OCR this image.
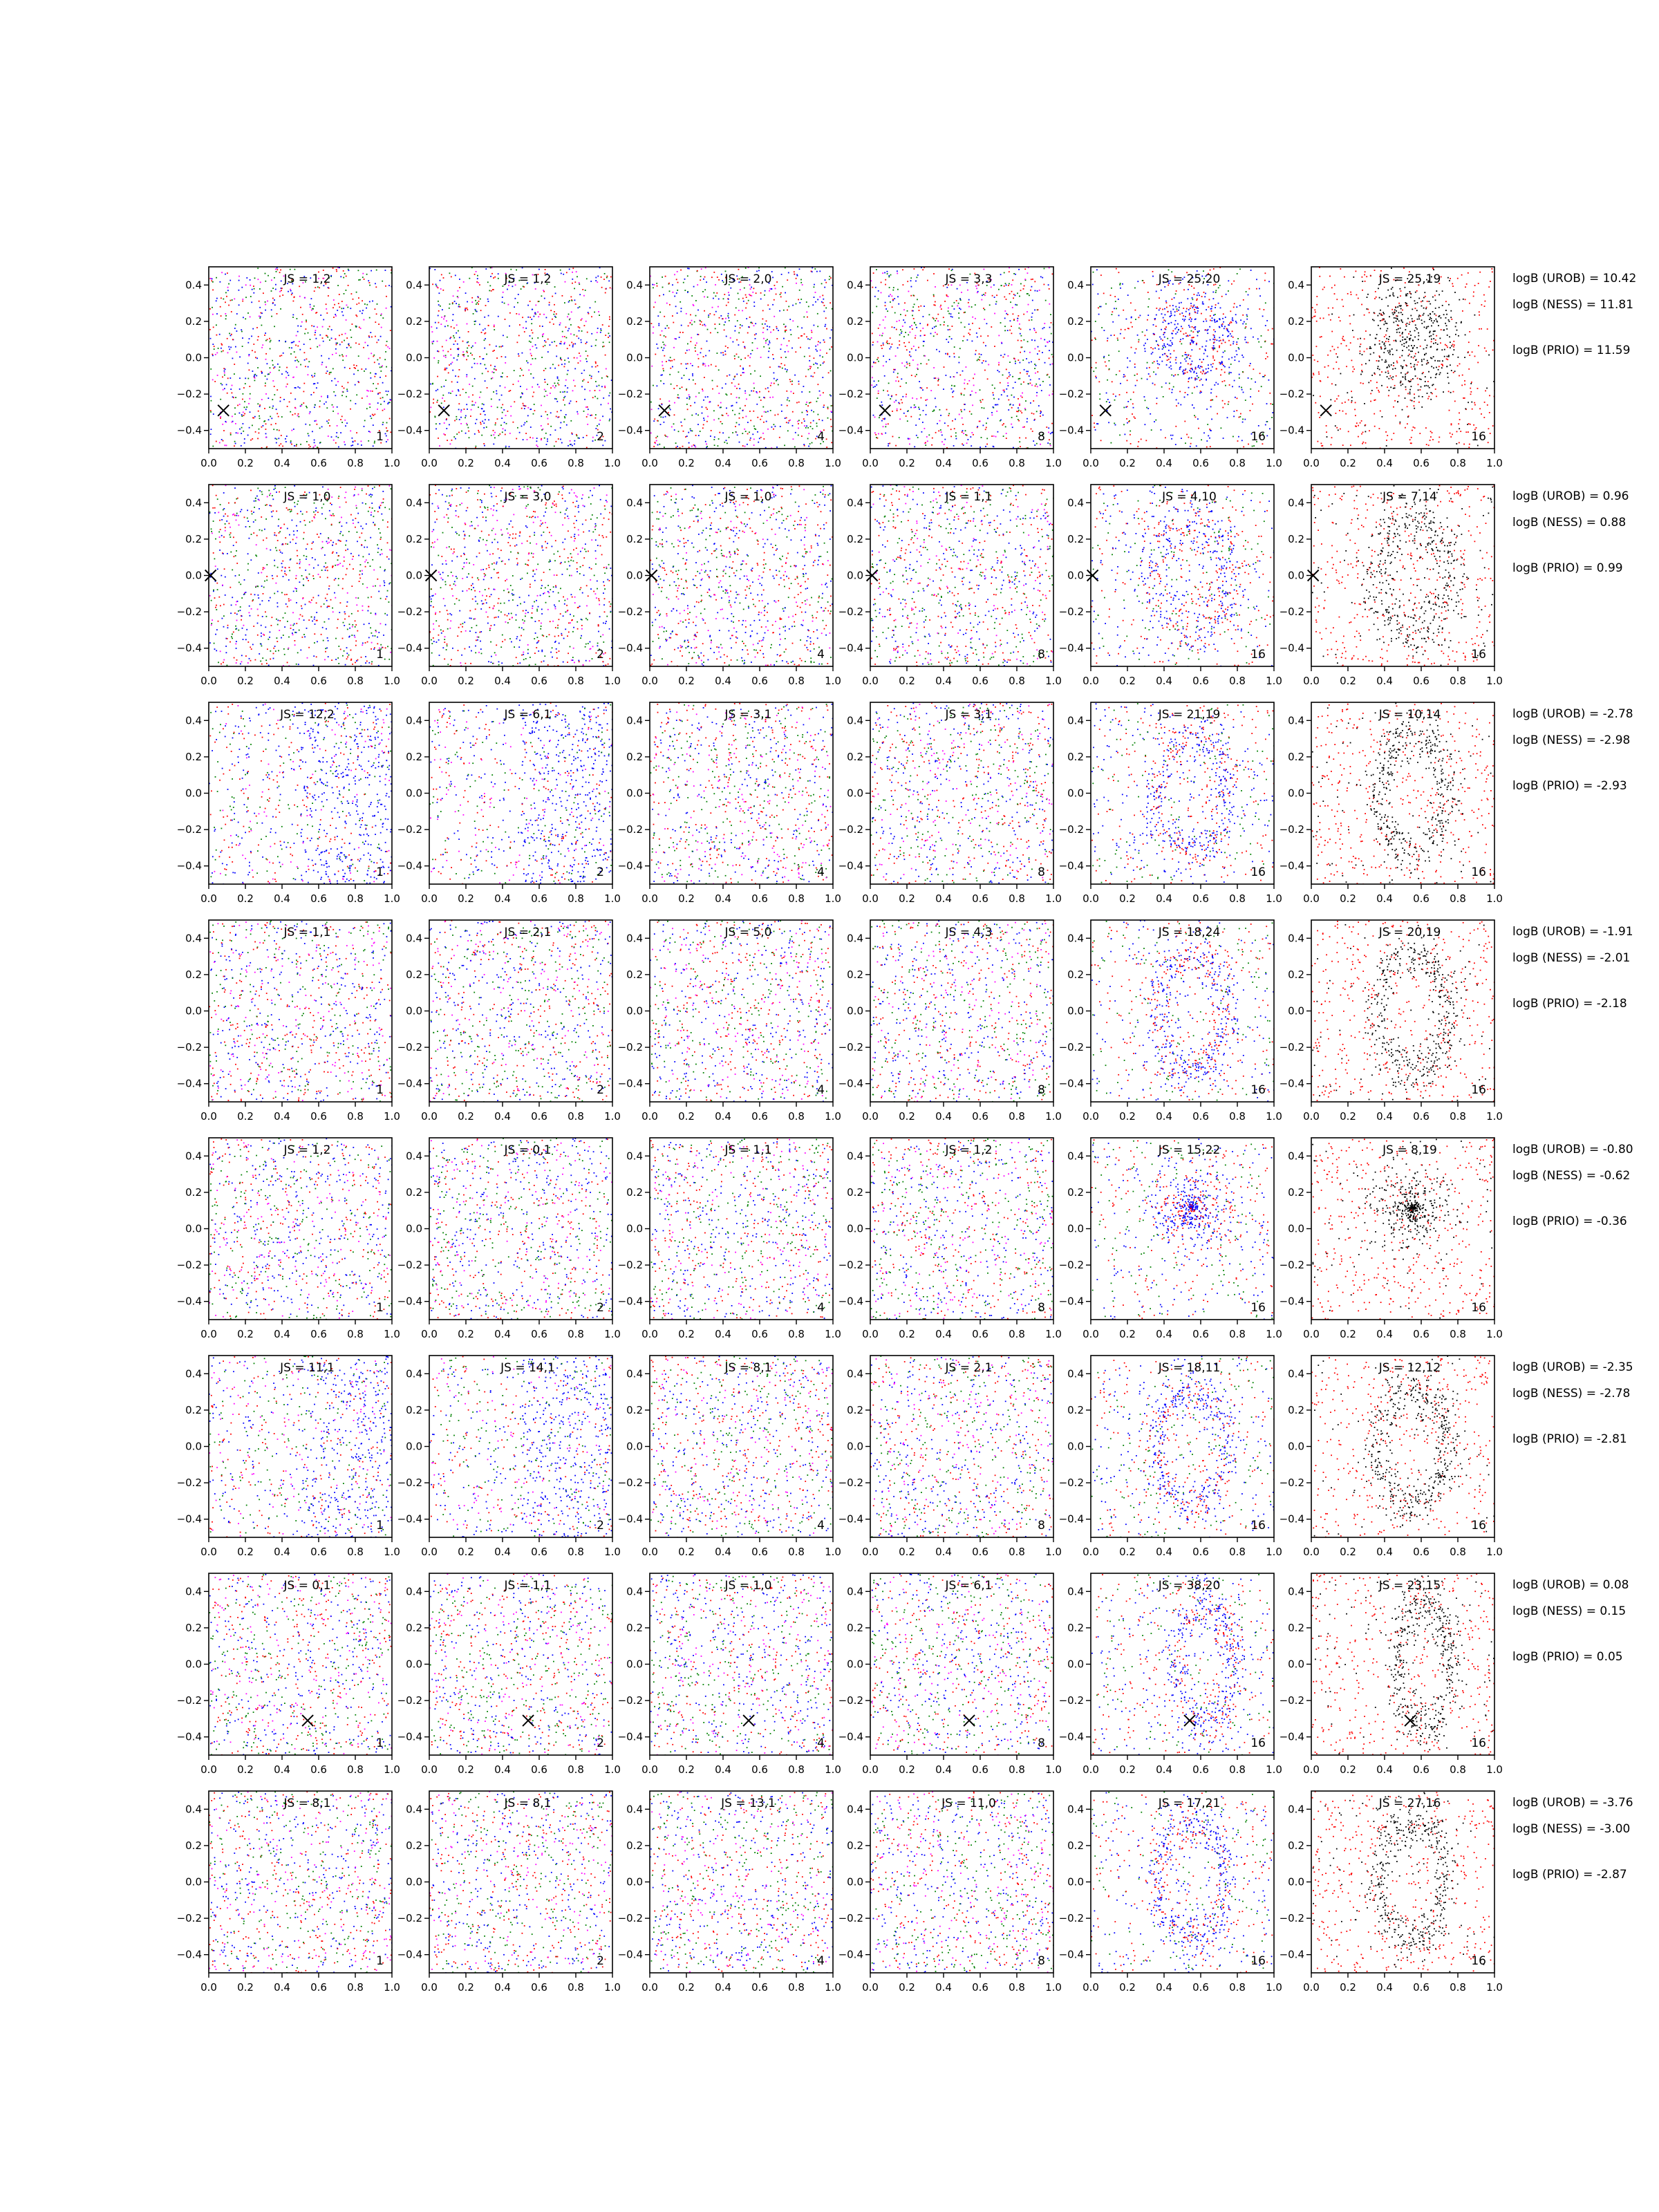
0.0 0.2 0.4 0.6 0.8 1.0
0.4
0.2
0.0
−0.2
−0.4
JS = 1,2
1
0.0 0.2 0.4 0.6 0.8 1.0
0.4
0.2
0.0
−0.2
−0.4
JS = 1,2
2
0.0 0.2 0.4 0.6 0.8 1.0
0.4
0.2
0.0
−0.2
−0.4
JS = 2,0
4
0.0 0.2 0.4 0.6 0.8 1.0
0.4
0.2
0.0
−0.2
−0.4
JS = 3,3
8
0.0 0.2 0.4 0.6 0.8 1.0
0.4
0.2
0.0
−0.2
−0.4
JS = 25,20
16
0.0 0.2 0.4 0.6 0.8 1.0
0.4
0.2
0.0
−0.2
−0.4
JS = 25,19
16
logB (UROB) = 10.42
logB (NESS) = 11.81
logB (PRIO) = 11.59
0.0 0.2 0.4 0.6 0.8 1.0
0.4
0.2
0.0
−0.2
−0.4
JS = 1,0
1
0.0 0.2 0.4 0.6 0.8 1.0
0.4
0.2
0.0
−0.2
−0.4
JS = 3,0
2
0.0 0.2 0.4 0.6 0.8 1.0
0.4
0.2
0.0
−0.2
−0.4
JS = 1,0
4
0.0 0.2 0.4 0.6 0.8 1.0
0.4
0.2
0.0
−0.2
−0.4
JS = 1,1
8
0.0 0.2 0.4 0.6 0.8 1.0
0.4
0.2
0.0
−0.2
−0.4
JS = 4,10
16
0.0 0.2 0.4 0.6 0.8 1.0
0.4
0.2
0.0
−0.2
−0.4
JS = 7,14
16
logB (UROB) = 0.96
logB (NESS) = 0.88
logB (PRIO) = 0.99
0.0 0.2 0.4 0.6 0.8 1.0
0.4
0.2
0.0
−0.2
−0.4
JS = 12,2
1
0.0 0.2 0.4 0.6 0.8 1.0
0.4
0.2
0.0
−0.2
−0.4
JS = 6,1
2
0.0 0.2 0.4 0.6 0.8 1.0
0.4
0.2
0.0
−0.2
−0.4
JS = 3,1
4
0.0 0.2 0.4 0.6 0.8 1.0
0.4
0.2
0.0
−0.2
−0.4
JS = 3,1
8
0.0 0.2 0.4 0.6 0.8 1.0
0.4
0.2
0.0
−0.2
−0.4
JS = 21,19
16
0.0 0.2 0.4 0.6 0.8 1.0
0.4
0.2
0.0
−0.2
−0.4
JS = 10,14
16
logB (UROB) = -2.78
logB (NESS) = -2.98
logB (PRIO) = -2.93
0.0 0.2 0.4 0.6 0.8 1.0
0.4
0.2
0.0
−0.2
−0.4
JS = 1,1
1
0.0 0.2 0.4 0.6 0.8 1.0
0.4
0.2
0.0
−0.2
−0.4
JS = 2,1
2
0.0 0.2 0.4 0.6 0.8 1.0
0.4
0.2
0.0
−0.2
−0.4
JS = 5,0
4
0.0 0.2 0.4 0.6 0.8 1.0
0.4
0.2
0.0
−0.2
−0.4
JS = 4,3
8
0.0 0.2 0.4 0.6 0.8 1.0
0.4
0.2
0.0
−0.2
−0.4
JS = 18,24
16
0.0 0.2 0.4 0.6 0.8 1.0
0.4
0.2
0.0
−0.2
−0.4
JS = 20,19
16
logB (UROB) = -1.91
logB (NESS) = -2.01
logB (PRIO) = -2.18
0.0 0.2 0.4 0.6 0.8 1.0
0.4
0.2
0.0
−0.2
−0.4
JS = 1,2
1
0.0 0.2 0.4 0.6 0.8 1.0
0.4
0.2
0.0
−0.2
−0.4
JS = 0,1
2
0.0 0.2 0.4 0.6 0.8 1.0
0.4
0.2
0.0
−0.2
−0.4
JS = 1,1
4
0.0 0.2 0.4 0.6 0.8 1.0
0.4
0.2
0.0
−0.2
−0.4
JS = 1,2
8
0.0 0.2 0.4 0.6 0.8 1.0
0.4
0.2
0.0
−0.2
−0.4
JS = 15,22
16
0.0 0.2 0.4 0.6 0.8 1.0
0.4
0.2
0.0
−0.2
−0.4
JS = 8,19
16
logB (UROB) = -0.80
logB (NESS) = -0.62
logB (PRIO) = -0.36
0.0 0.2 0.4 0.6 0.8 1.0
0.4
0.2
0.0
−0.2
−0.4
JS = 11,1
1
0.0 0.2 0.4 0.6 0.8 1.0
0.4
0.2
0.0
−0.2
−0.4
JS = 14,1
2
0.0 0.2 0.4 0.6 0.8 1.0
0.4
0.2
0.0
−0.2
−0.4
JS = 8,1
4
0.0 0.2 0.4 0.6 0.8 1.0
0.4
0.2
0.0
−0.2
−0.4
JS = 2,1
8
0.0 0.2 0.4 0.6 0.8 1.0
0.4
0.2
0.0
−0.2
−0.4
JS = 18,11
16
0.0 0.2 0.4 0.6 0.8 1.0
0.4
0.2
0.0
−0.2
−0.4
JS = 12,12
16
logB (UROB) = -2.35
logB (NESS) = -2.78
logB (PRIO) = -2.81
0.0 0.2 0.4 0.6 0.8 1.0
0.4
0.2
0.0
−0.2
−0.4
JS = 0,1
1
0.0 0.2 0.4 0.6 0.8 1.0
0.4
0.2
0.0
−0.2
−0.4
JS = 1,1
2
0.0 0.2 0.4 0.6 0.8 1.0
0.4
0.2
0.0
−0.2
−0.4
JS = 1,0
4
0.0 0.2 0.4 0.6 0.8 1.0
0.4
0.2
0.0
−0.2
−0.4
JS = 6,1
8
0.0 0.2 0.4 0.6 0.8 1.0
0.4
0.2
0.0
−0.2
−0.4
JS = 38,20
16
0.0 0.2 0.4 0.6 0.8 1.0
0.4
0.2
0.0
−0.2
−0.4
JS = 23,15
16
logB (UROB) = 0.08
logB (NESS) = 0.15
logB (PRIO) = 0.05
0.0 0.2 0.4 0.6 0.8 1.0
0.4
0.2
0.0
−0.2
−0.4
JS = 8,1
1
0.0 0.2 0.4 0.6 0.8 1.0
0.4
0.2
0.0
−0.2
−0.4
JS = 8,1
2
0.0 0.2 0.4 0.6 0.8 1.0
0.4
0.2
0.0
−0.2
−0.4
JS = 13,1
4
0.0 0.2 0.4 0.6 0.8 1.0
0.4
0.2
0.0
−0.2
−0.4
JS = 11,0
8
0.0 0.2 0.4 0.6 0.8 1.0
0.4
0.2
0.0
−0.2
−0.4
JS = 17,21
16
0.0 0.2 0.4 0.6 0.8 1.0
0.4
0.2
0.0
−0.2
−0.4
JS = 27,16
16
logB (UROB) = -3.76
logB (NESS) = -3.00
logB (PRIO) = -2.87
